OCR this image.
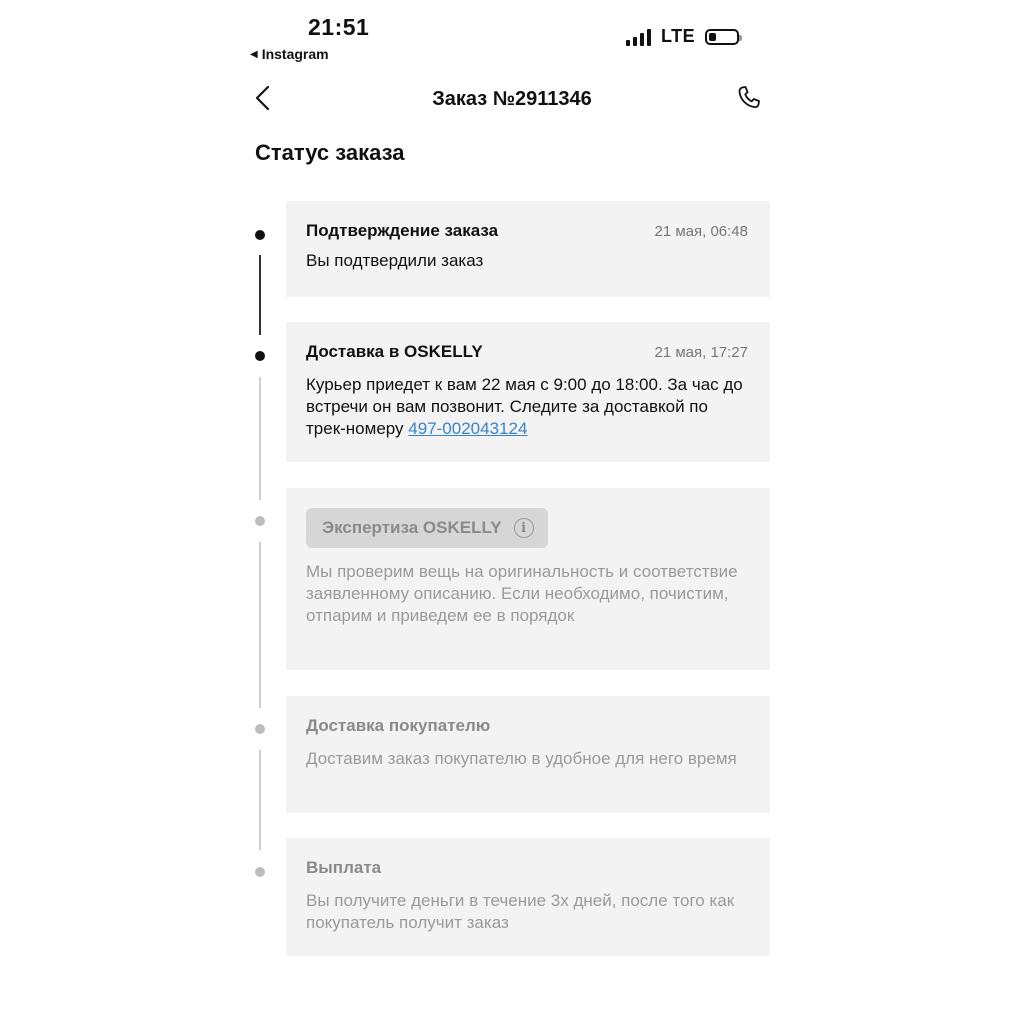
21:51
◀ Instagram
LTE
Заказ №2911346
Статус заказа
Подтверждение заказа	21 мая, 06:48
Вы подтвердили заказ
Доставка в OSKELLY	21 мая, 17:27
Курьер приедет к вам 22 мая с 9:00 до 18:00. За час до встречи он вам позвонит. Следите за доставкой по трек-номеру 497-002043124
Экспертиза OSKELLY	i
Мы проверим вещь на оригинальность и соответствие заявленному описанию. Если необходимо, почистим, отпарим и приведем ее в порядок
Доставка покупателю
Доставим заказ покупателю в удобное для него время
Выплата
Вы получите деньги в течение 3х дней, после того как покупатель получит заказ
